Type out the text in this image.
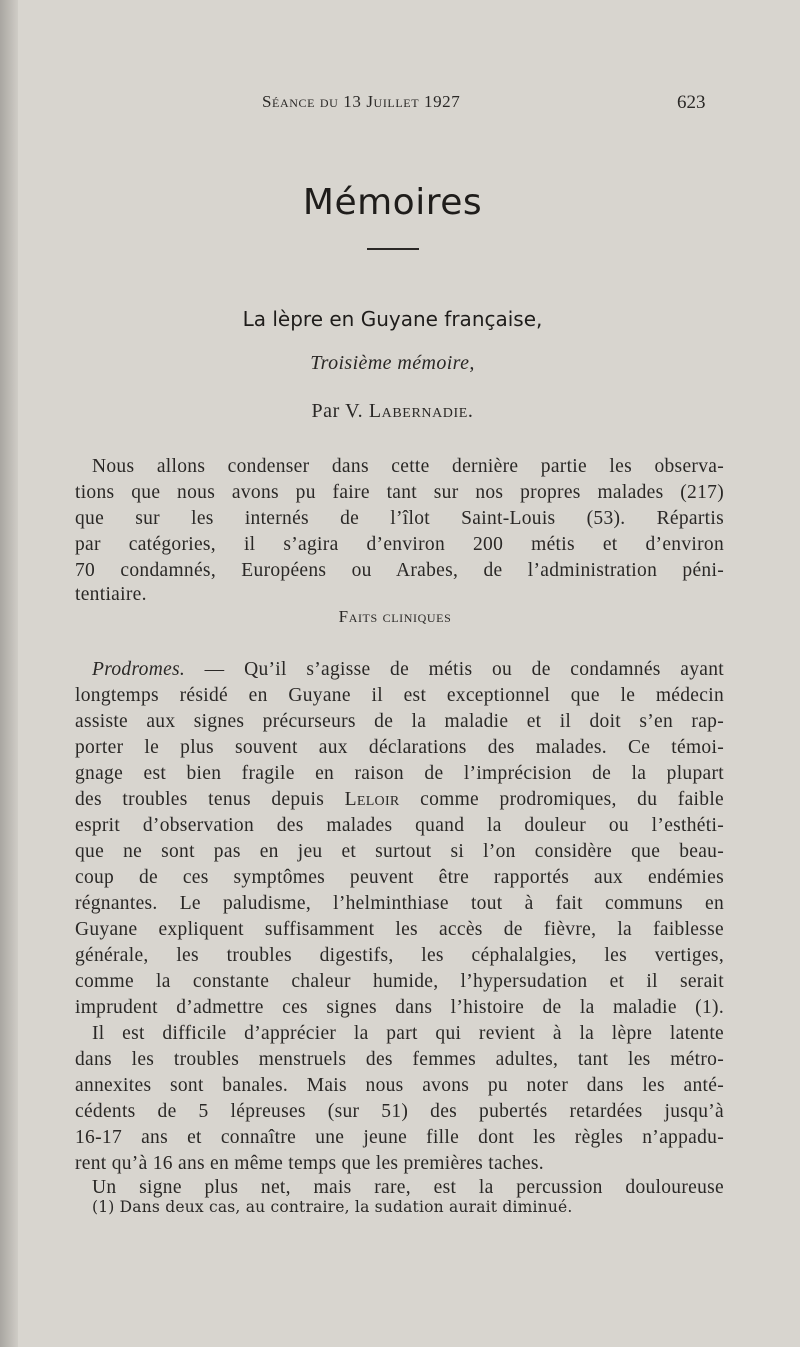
Séance du 13 Juillet 1927	623
Mémoires
La lèpre en Guyane française,
Troisième mémoire,
Par V. Labernadie.
Nous allons condenser dans cette dernière partie les observa-
tions que nous avons pu faire tant sur nos propres malades (217)
que sur les internés de l’îlot Saint-Louis (53). Répartis
par catégories, il s’agira d’environ 200 métis et d’environ
70 condamnés, Européens ou Arabes, de l’administration péni-
tentiaire.
Faits cliniques
Prodromes. — Qu’il s’agisse de métis ou de condamnés ayant
longtemps résidé en Guyane il est exceptionnel que le médecin
assiste aux signes précurseurs de la maladie et il doit s’en rap-
porter le plus souvent aux déclarations des malades. Ce témoi-
gnage est bien fragile en raison de l’imprécision de la plupart
des troubles tenus depuis Leloir comme prodromiques, du faible
esprit d’observation des malades quand la douleur ou l’esthéti-
que ne sont pas en jeu et surtout si l’on considère que beau-
coup de ces symptômes peuvent être rapportés aux endémies
régnantes. Le paludisme, l’helminthiase tout à fait communs en
Guyane expliquent suffisamment les accès de fièvre, la faiblesse
générale, les troubles digestifs, les céphalalgies, les vertiges,
comme la constante chaleur humide, l’hypersudation et il serait
imprudent d’admettre ces signes dans l’histoire de la maladie (1).
Il est difficile d’apprécier la part qui revient à la lèpre latente
dans les troubles menstruels des femmes adultes, tant les métro-
annexites sont banales. Mais nous avons pu noter dans les anté-
cédents de 5 lépreuses (sur 51) des pubertés retardées jusqu’à
16-17 ans et connaître une jeune fille dont les règles n’appadu-
rent qu’à 16 ans en même temps que les premières taches.
Un signe plus net, mais rare, est la percussion douloureuse
(1) Dans deux cas, au contraire, la sudation aurait diminué.
